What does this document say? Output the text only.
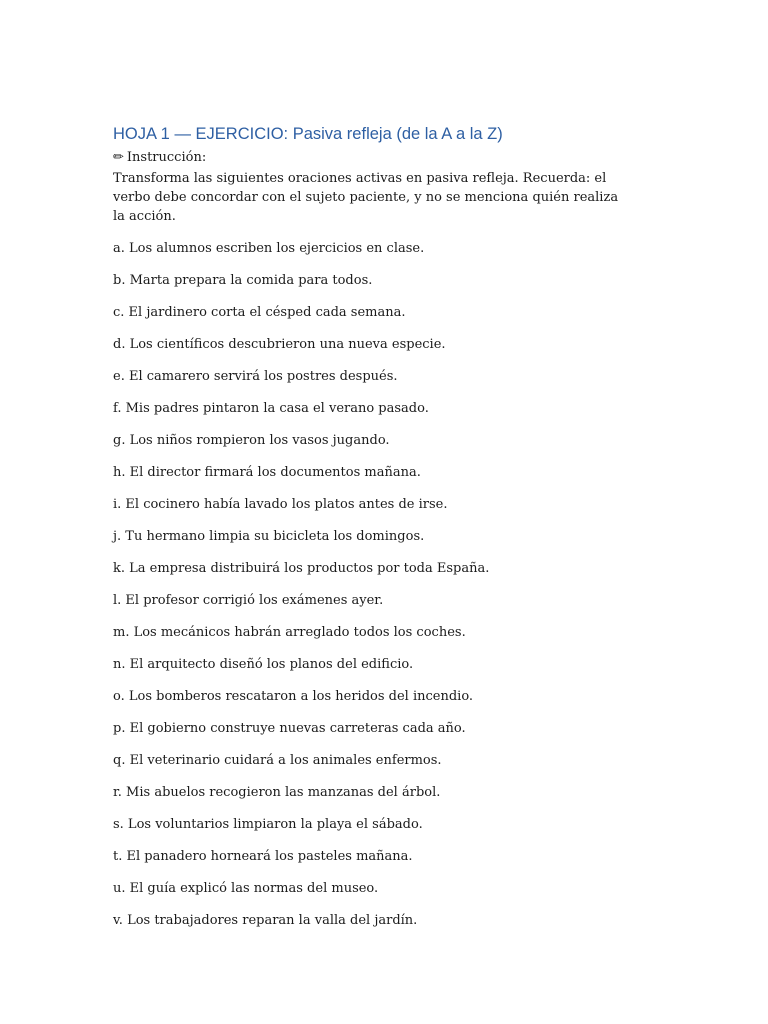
HOJA 1 — EJERCICIO: Pasiva refleja (de la A a la Z)
✏ Instrucción:
Transforma las siguientes oraciones activas en pasiva refleja. Recuerda: el verbo debe concordar con el sujeto paciente, y no se menciona quién realiza la acción.
a. Los alumnos escriben los ejercicios en clase.
b. Marta prepara la comida para todos.
c. El jardinero corta el césped cada semana.
d. Los científicos descubrieron una nueva especie.
e. El camarero servirá los postres después.
f. Mis padres pintaron la casa el verano pasado.
g. Los niños rompieron los vasos jugando.
h. El director firmará los documentos mañana.
i. El cocinero había lavado los platos antes de irse.
j. Tu hermano limpia su bicicleta los domingos.
k. La empresa distribuirá los productos por toda España.
l. El profesor corrigió los exámenes ayer.
m. Los mecánicos habrán arreglado todos los coches.
n. El arquitecto diseñó los planos del edificio.
o. Los bomberos rescataron a los heridos del incendio.
p. El gobierno construye nuevas carreteras cada año.
q. El veterinario cuidará a los animales enfermos.
r. Mis abuelos recogieron las manzanas del árbol.
s. Los voluntarios limpiaron la playa el sábado.
t. El panadero horneará los pasteles mañana.
u. El guía explicó las normas del museo.
v. Los trabajadores reparan la valla del jardín.
